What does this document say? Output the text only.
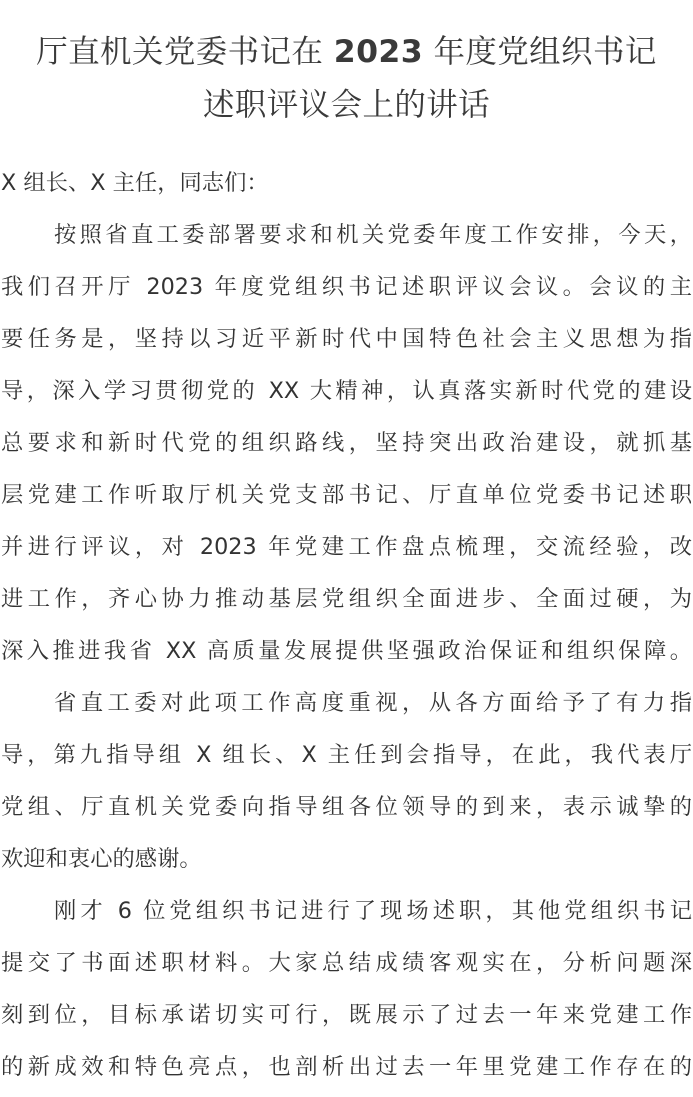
厅直机关党委书记在 2023 年度党组织书记
述职评议会上的讲话
X 组长、X 主任，同志们：
按照省直工委部署要求和机关党委年度工作安排，今天，
我们召开厅 2023 年度党组织书记述职评议会议。会议的主
要任务是，坚持以习近平新时代中国特色社会主义思想为指
导，深入学习贯彻党的 XX 大精神，认真落实新时代党的建设
总要求和新时代党的组织路线，坚持突出政治建设，就抓基
层党建工作听取厅机关党支部书记、厅直单位党委书记述职
并进行评议，对 2023 年党建工作盘点梳理，交流经验，改
进工作，齐心协力推动基层党组织全面进步、全面过硬，为
深入推进我省 XX 高质量发展提供坚强政治保证和组织保障。
省直工委对此项工作高度重视，从各方面给予了有力指
导，第九指导组 X 组长、X 主任到会指导，在此，我代表厅
党组、厅直机关党委向指导组各位领导的到来，表示诚挚的
欢迎和衷心的感谢。
刚才 6 位党组织书记进行了现场述职，其他党组织书记
提交了书面述职材料。大家总结成绩客观实在，分析问题深
刻到位，目标承诺切实可行，既展示了过去一年来党建工作
的新成效和特色亮点，也剖析出过去一年里党建工作存在的
